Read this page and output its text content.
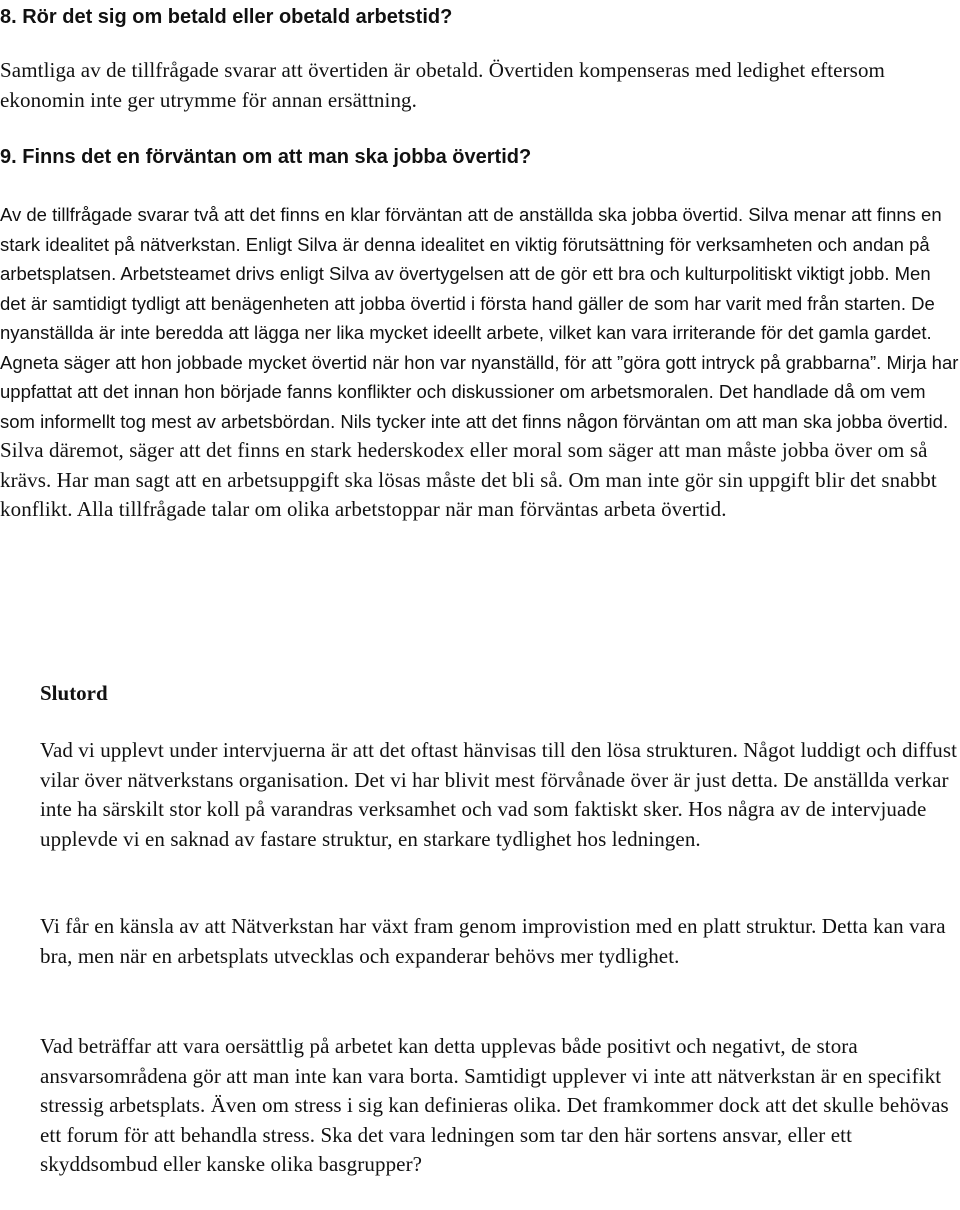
8. Rör det sig om betald eller obetald arbetstid?

Samtliga av de tillfrågade svarar att övertiden är obetald. Övertiden kompenseras med ledighet eftersom ekonomin inte ger utrymme för annan ersättning.

9. Finns det en förväntan om att man ska jobba övertid?

Av de tillfrågade svarar två att det finns en klar förväntan att de anställda ska jobba övertid. Silva menar att finns en stark idealitet på nätverkstan. Enligt Silva är denna idealitet en viktig förutsättning för verksamheten och andan på arbetsplatsen. Arbetsteamet drivs enligt Silva av övertygelsen att de gör ett bra och kulturpolitiskt viktigt jobb. Men det är samtidigt tydligt att benägenheten att jobba övertid i första hand gäller de som har varit med från starten. De nyanställda är inte beredda att lägga ner lika mycket ideellt arbete, vilket kan vara irriterande för det gamla gardet. Agneta säger att hon jobbade mycket övertid när hon var nyanställd, för att ”göra gott intryck på grabbarna”. Mirja har uppfattat att det innan hon började fanns konflikter och diskussioner om arbetsmoralen. Det handlade då om vem som informellt tog mest av arbetsbördan. Nils tycker inte att det finns någon förväntan om att man ska jobba övertid. Silva däremot, säger att det finns en stark hederskodex eller moral som säger att man måste jobba över om så krävs. Har man sagt att en arbetsuppgift ska lösas måste det bli så. Om man inte gör sin uppgift blir det snabbt konflikt. Alla tillfrågade talar om olika arbetstoppar när man förväntas arbeta övertid.

Slutord

Vad vi upplevt under intervjuerna är att det oftast hänvisas till den lösa strukturen. Något luddigt och diffust vilar över nätverkstans organisation. Det vi har blivit mest förvånade över är just detta. De anställda verkar inte ha särskilt stor koll på varandras verksamhet och vad som faktiskt sker. Hos några av de intervjuade upplevde vi en saknad av fastare struktur, en starkare tydlighet hos ledningen.

Vi får en känsla av att Nätverkstan har växt fram genom improvistion med en platt struktur. Detta kan vara bra, men när en arbetsplats utvecklas och expanderar behövs mer tydlighet.

Vad beträffar att vara oersättlig på arbetet kan detta upplevas både positivt och negativt, de stora ansvarsområdena gör att man inte kan vara borta. Samtidigt upplever vi inte att nätverkstan är en specifikt stressig arbetsplats. Även om stress i sig kan definieras olika. Det framkommer dock att det skulle behövas ett forum för att behandla stress. Ska det vara ledningen som tar den här sortens ansvar, eller ett skyddsombud eller kanske olika basgrupper?
